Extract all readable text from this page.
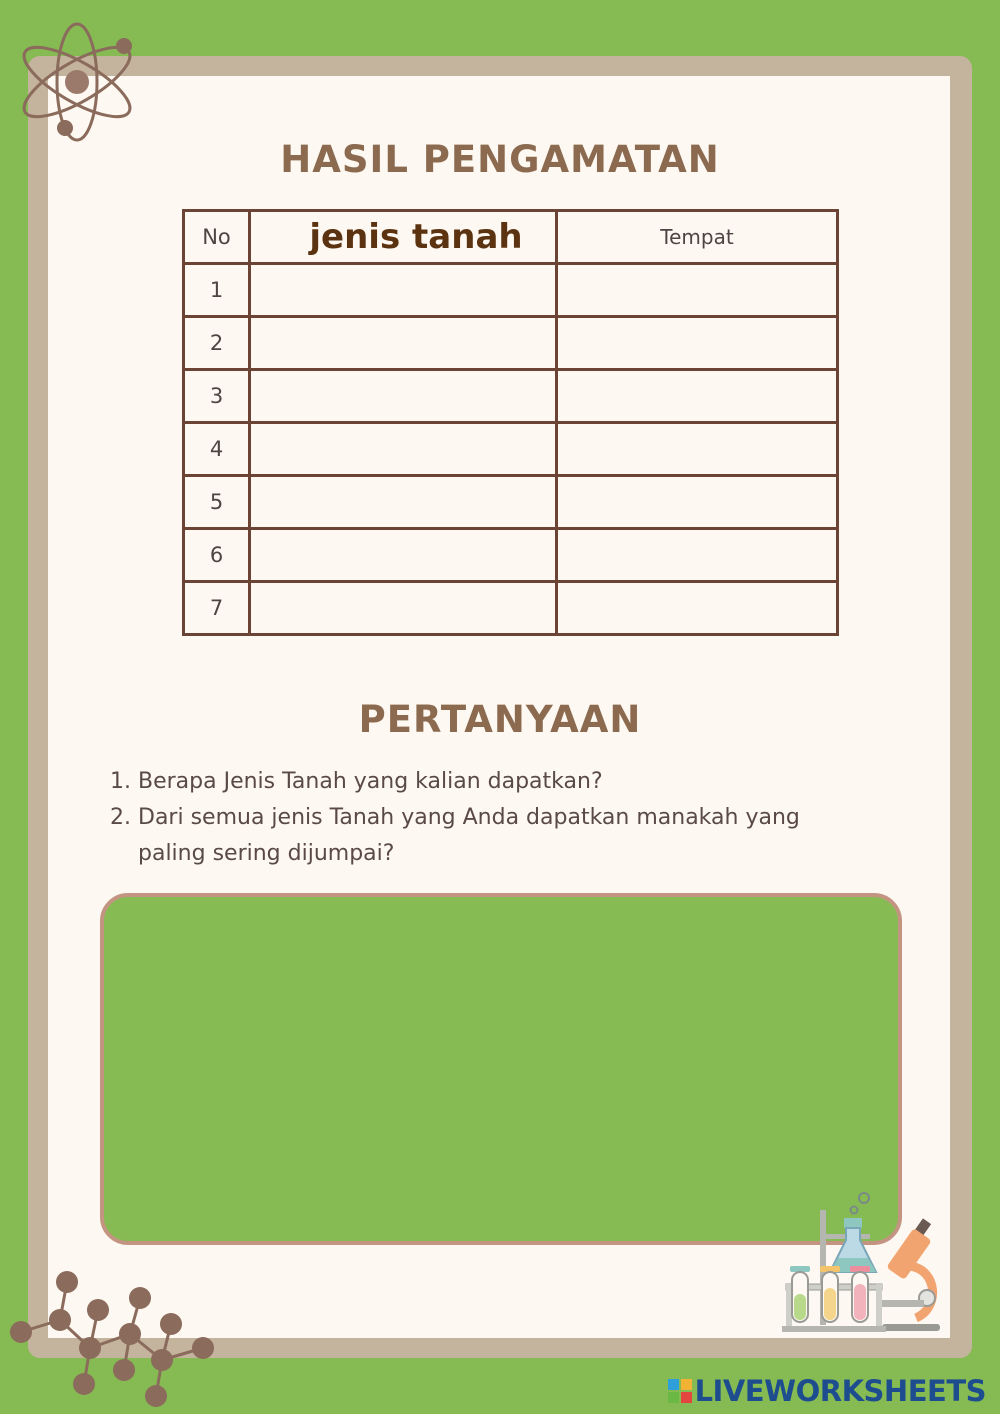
HASIL PENGAMATAN
No	jenis tanah	Tempat
1		
2		
3		
4		
5		
6		
7		
PERTANYAAN
1. Berapa Jenis Tanah yang kalian dapatkan?
2. Dari semua jenis Tanah yang Anda dapatkan manakah yang paling sering dijumpai?
LIVEWORKSHEETS
